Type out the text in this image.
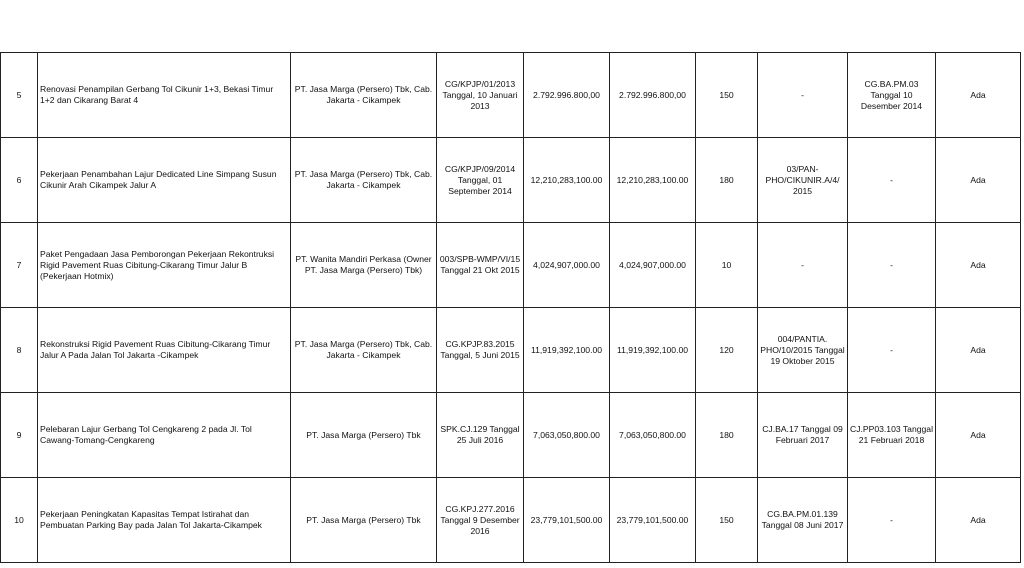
5	Renovasi Penampilan Gerbang Tol Cikunir 1+3, Bekasi Timur 1+2 dan Cikarang Barat 4	PT. Jasa Marga (Persero) Tbk, Cab. Jakarta - Cikampek	CG/KPJP/01/2013 Tanggal, 10 Januari 2013	2.792.996.800,00	2.792.996.800,00	150	-	CG.BA.PM.03 Tanggal 10 Desember 2014	Ada
6	Pekerjaan Penambahan Lajur Dedicated Line Simpang Susun Cikunir Arah Cikampek Jalur A	PT. Jasa Marga (Persero) Tbk, Cab. Jakarta - Cikampek	CG/KPJP/09/2014 Tanggal, 01 September 2014	12,210,283,100.00	12,210,283,100.00	180	03/PAN-PHO/CIKUNIR.A/4/ 2015	-	Ada
7	Paket Pengadaan Jasa Pemborongan Pekerjaan Rekontruksi Rigid Pavement Ruas Cibitung-Cikarang Timur Jalur B (Pekerjaan Hotmix)	PT. Wanita Mandiri Perkasa (Owner PT. Jasa Marga (Persero) Tbk)	003/SPB-WMP/VI/15 Tanggal 21 Okt 2015	4,024,907,000.00	4,024,907,000.00	10	-	-	Ada
8	Rekonstruksi Rigid Pavement Ruas Cibitung-Cikarang Timur Jalur A Pada Jalan Tol Jakarta -Cikampek	PT. Jasa Marga (Persero) Tbk, Cab. Jakarta - Cikampek	CG.KPJP.83.2015 Tanggal, 5 Juni 2015	11,919,392,100.00	11,919,392,100.00	120	004/PANTIA. PHO/10/2015 Tanggal 19 Oktober 2015	-	Ada
9	Pelebaran Lajur Gerbang Tol Cengkareng 2 pada Jl. Tol Cawang-Tomang-Cengkareng	PT. Jasa Marga (Persero) Tbk	SPK.CJ.129 Tanggal 25 Juli 2016	7,063,050,800.00	7,063,050,800.00	180	CJ.BA.17 Tanggal 09 Februari 2017	CJ.PP03.103 Tanggal 21 Februari 2018	Ada
10	Pekerjaan Peningkatan Kapasitas Tempat Istirahat dan Pembuatan Parking Bay pada Jalan Tol Jakarta-Cikampek	PT. Jasa Marga (Persero) Tbk	CG.KPJ.277.2016 Tanggal 9 Desember 2016	23,779,101,500.00	23,779,101,500.00	150	CG.BA.PM.01.139 Tanggal 08 Juni 2017	-	Ada
